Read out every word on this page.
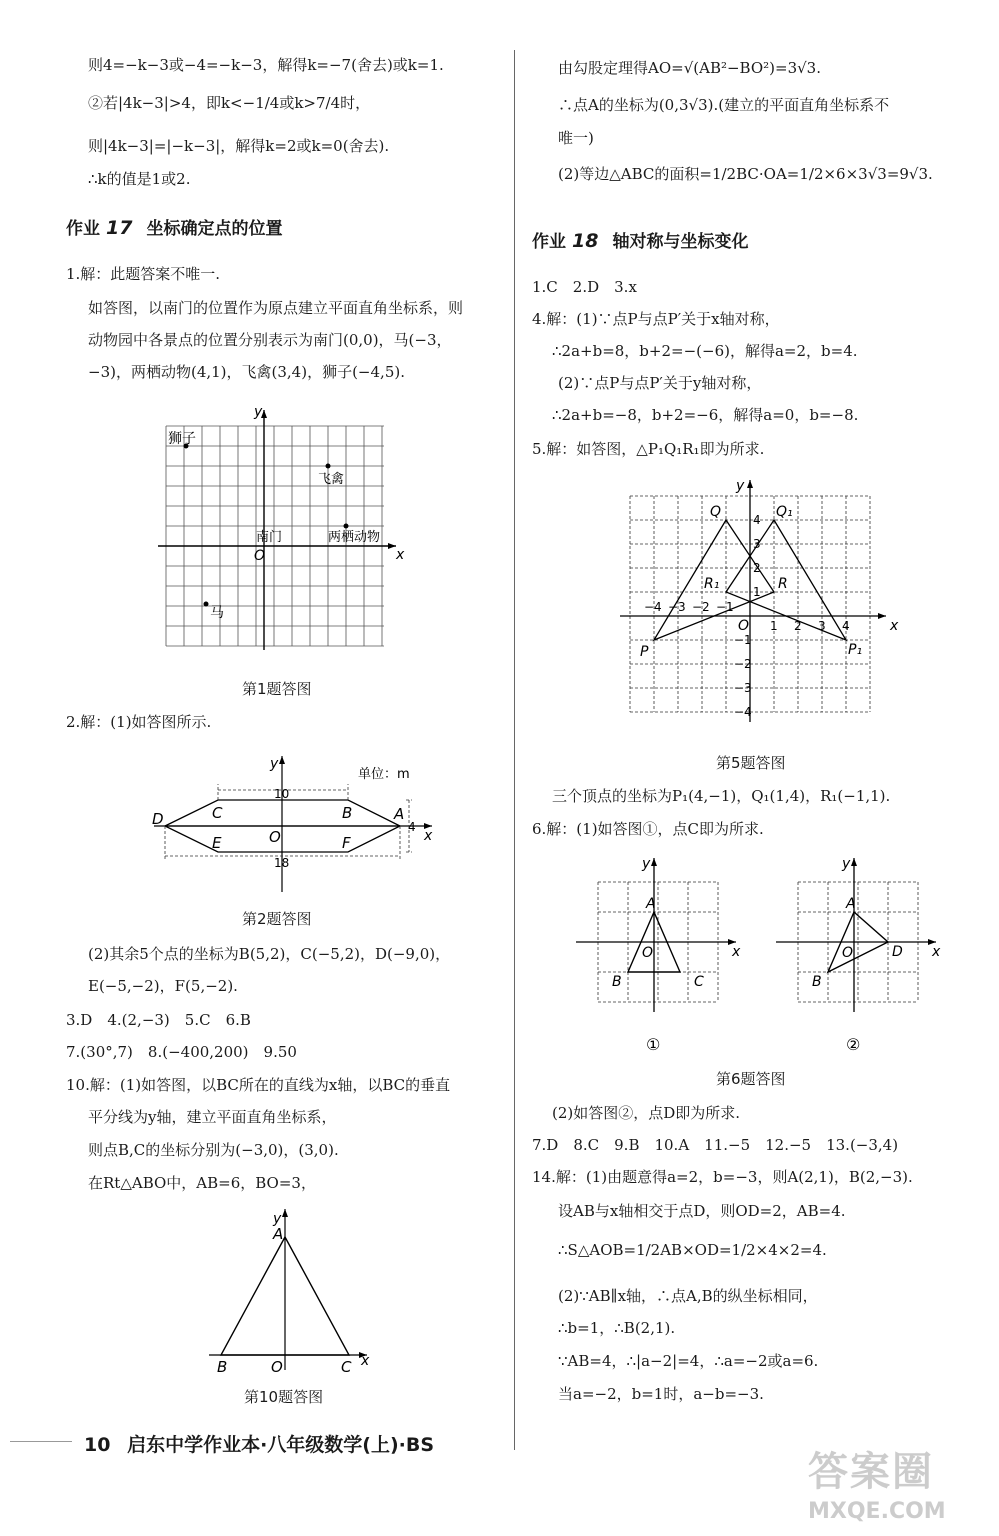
则4=−k−3或−4=−k−3，解得k=−7(舍去)或k=1.
②若|4k−3|>4，即k<−1/4或k>7/4时，
则|4k−3|=|−k−3|，解得k=2或k=0(舍去).
∴k的值是1或2.
作业 17 坐标确定点的位置
1.解：此题答案不唯一.
如答图，以南门的位置作为原点建立平面直角坐标系，则
动物园中各景点的位置分别表示为南门(0,0)，马(−3，
−3)，两栖动物(4,1)，飞禽(3,4)，狮子(−4,5).
y
x
O
狮子
飞禽
南门	两栖动物
马
第1题答图
2.解：(1)如答图所示.
10
18
4
单位：m
y
x
D	A
C	B
E	F
O
第2题答图
(2)其余5个点的坐标为B(5,2)，C(−5,2)，D(−9,0)，
E(−5,−2)，F(5,−2).
3.D　4.(2,−3)　5.C　6.B
7.(30°,7)　8.(−400,200)　9.50
10.解：(1)如答图，以BC所在的直线为x轴，以BC的垂直
平分线为y轴，建立平面直角坐标系，
则点B,C的坐标分别为(−3,0)，(3,0).
在Rt△ABO中，AB=6，BO=3，
y
x
A
B	O	C
第10题答图
由勾股定理得AO=√(AB²−BO²)=3√3.
∴点A的坐标为(0,3√3).(建立的平面直角坐标系不
唯一)
(2)等边△ABC的面积=1/2BC·OA=1/2×6×3√3=9√3.
作业 18 轴对称与坐标变化
1.C　2.D　3.x
4.解：(1)∵点P与点P′关于x轴对称，
∴2a+b=8，b+2=−(−6)，解得a=2，b=4.
(2)∵点P与点P′关于y轴对称，
∴2a+b=−8，b+2=−6，解得a=0，b=−8.
5.解：如答图，△P₁Q₁R₁即为所求.
y
x
O
Q	Q₁
R
R₁
P	P₁
−4 −3 −2 −1
1 2 3 4
4
3
2
1
−1
−2
−3
−4
第5题答图
三个顶点的坐标为P₁(4,−1)，Q₁(1,4)，R₁(−1,1).
6.解：(1)如答图①，点C即为所求.
y
x
A
O
B	C
①
y
x
A
O
B
D
②
第6题答图
(2)如答图②，点D即为所求.
7.D　8.C　9.B　10.A　11.−5　12.−5　13.(−3,4)
14.解：(1)由题意得a=2，b=−3，则A(2,1)，B(2,−3).
设AB与x轴相交于点D，则OD=2，AB=4.
∴S△AOB=1/2AB×OD=1/2×4×2=4.
(2)∵AB∥x轴，∴点A,B的纵坐标相同，
∴b=1，∴B(2,1).
∵AB=4，∴|a−2|=4，∴a=−2或a=6.
当a=−2，b=1时，a−b=−3.
10 启东中学作业本·八年级数学(上)·BS
答案圈
MXQE.COM
